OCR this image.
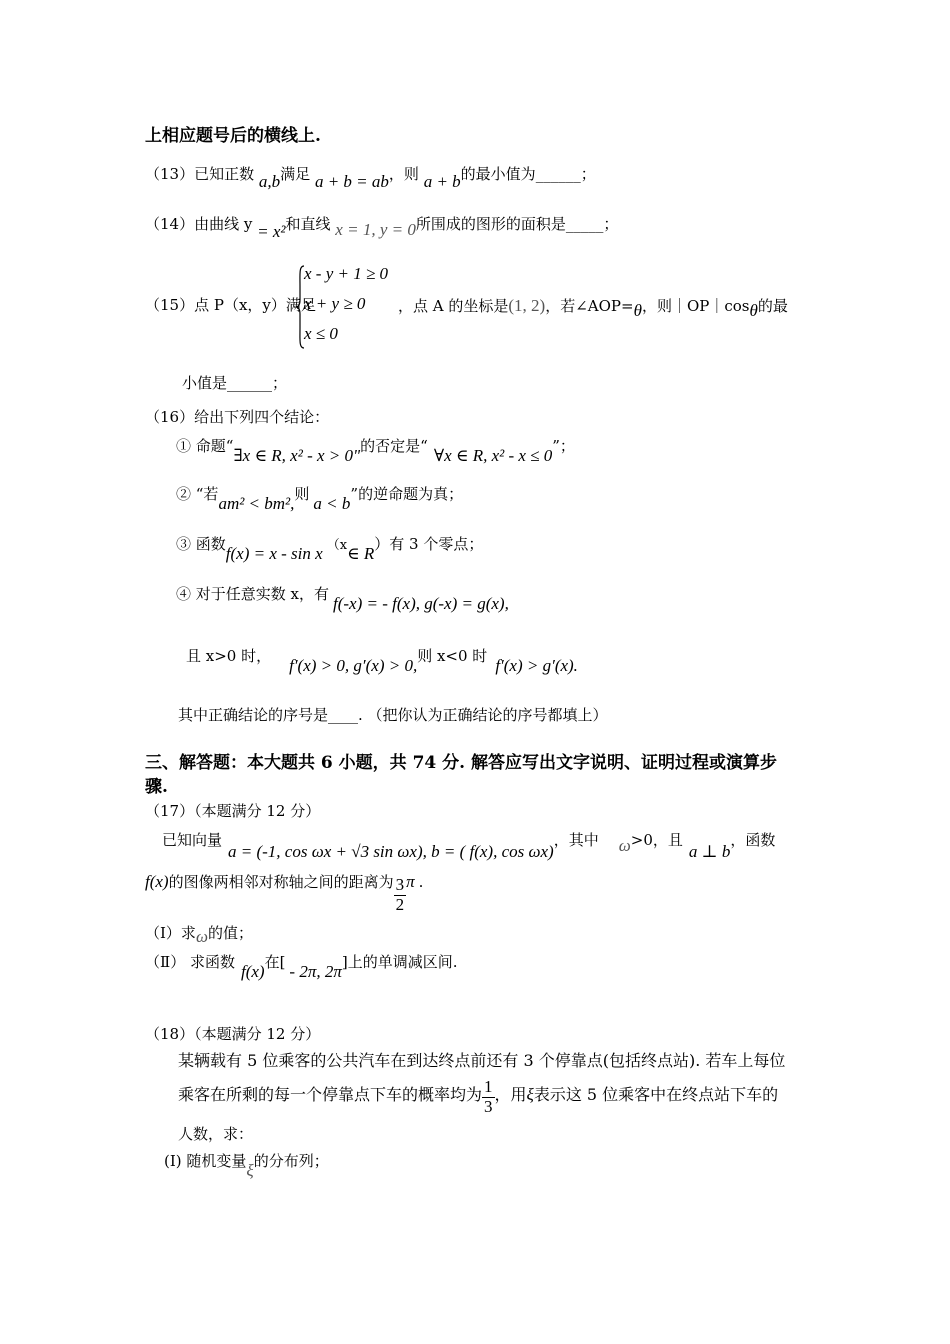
上相应题号后的横线上.
（13）已知正数 a,b满足 a + b = ab，则 a + b的最小值为______；
（14）由曲线 y = x²和直线 x = 1, y = 0所围成的图形的面积是_____；
（15）点 P（x，y）满足
x - y + 1 ≥ 0
x + y ≥ 0
x ≤ 0
，点 A 的坐标是(1, 2)，若∠AOP=θ，则｜OP｜cosθ的最
小值是______；
（16）给出下列四个结论：
① 命题“∃x ∈ R, x² - x > 0"的否定是“ ∀x ∈ R, x² - x ≤ 0”；
② “若am² < bm²,则 a < b”的逆命题为真；
③ 函数f(x) = x - sin x （x∈ R）有 3 个零点；
④ 对于任意实数 x，有 f(-x) = - f(x), g(-x) = g(x),
且 x>0 时， f′(x) > 0, g′(x) > 0,则 x<0 时 f′(x) > g′(x).
其中正确结论的序号是____. （把你认为正确结论的序号都填上）
三、解答题：本大题共 6 小题，共 74 分. 解答应写出文字说明、证明过程或演算步
骤.
（17）（本题满分 12 分）
已知向量a = (-1, cos ωx + √3 sin ωx), b = ( f(x), cos ωx)，其中 ω>0，且a ⊥ b，函数
f(x)的图像两相邻对称轴之间的距离为 $\frac{3}{2}$ π .
（Ⅰ）求ω的值；
（Ⅱ） 求函数 f(x)在[ - 2π, 2π]上的单调减区间.
（18）（本题满分 12 分）
某辆载有 5 位乘客的公共汽车在到达终点前还有 3 个停靠点(包括终点站). 若车上每位
乘客在所剩的每一个停靠点下车的概率均为 $\frac{1}{3}$ ，用ξ表示这 5 位乘客中在终点站下车的
人数，求：
(Ⅰ) 随机变量ξ的分布列；
